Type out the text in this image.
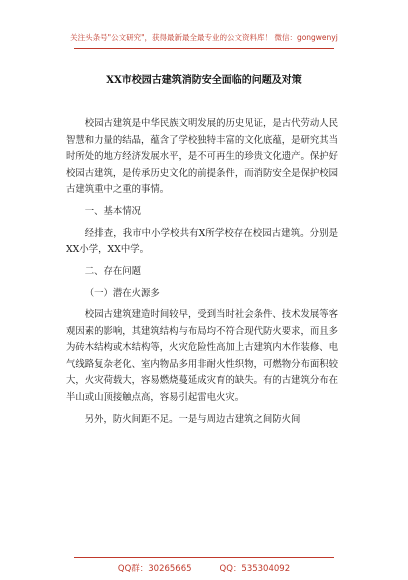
关注头条号"公文研究"，获得最新最全最专业的公文资料库！ 微信：gongwenyj
XX市校园古建筑消防安全面临的问题及对策

校园古建筑是中华民族文明发展的历史见证，是古代劳动人民智慧和力量的结晶，蕴含了学校独特丰富的文化底蕴，是研究其当时所处的地方经济发展水平，是不可再生的珍贵文化遗产。保护好校园古建筑，是传承历史文化的前提条件，而消防安全是保护校园古建筑重中之重的事情。

一、基本情况

经排查，我市中小学校共有X所学校存在校园古建筑。分别是XX小学，XX中学。

二、存在问题

（一）潜在火源多

校园古建筑建造时间较早，受到当时社会条件、技术发展等客观因素的影响，其建筑结构与布局均不符合现代防火要求，而且多为砖木结构或木结构等，火灾危险性高加上古建筑内木作装修、电气线路复杂老化、室内物品多用非耐火性织物，可燃物分布面积较大，火灾荷载大，容易燃烧蔓延成灾育的缺失。有的古建筑分布在半山或山顶接触点高，容易引起雷电火灾。

另外，防火间距不足。一是与周边古建筑之间防火间

QQ群：30265665	QQ：535304092
